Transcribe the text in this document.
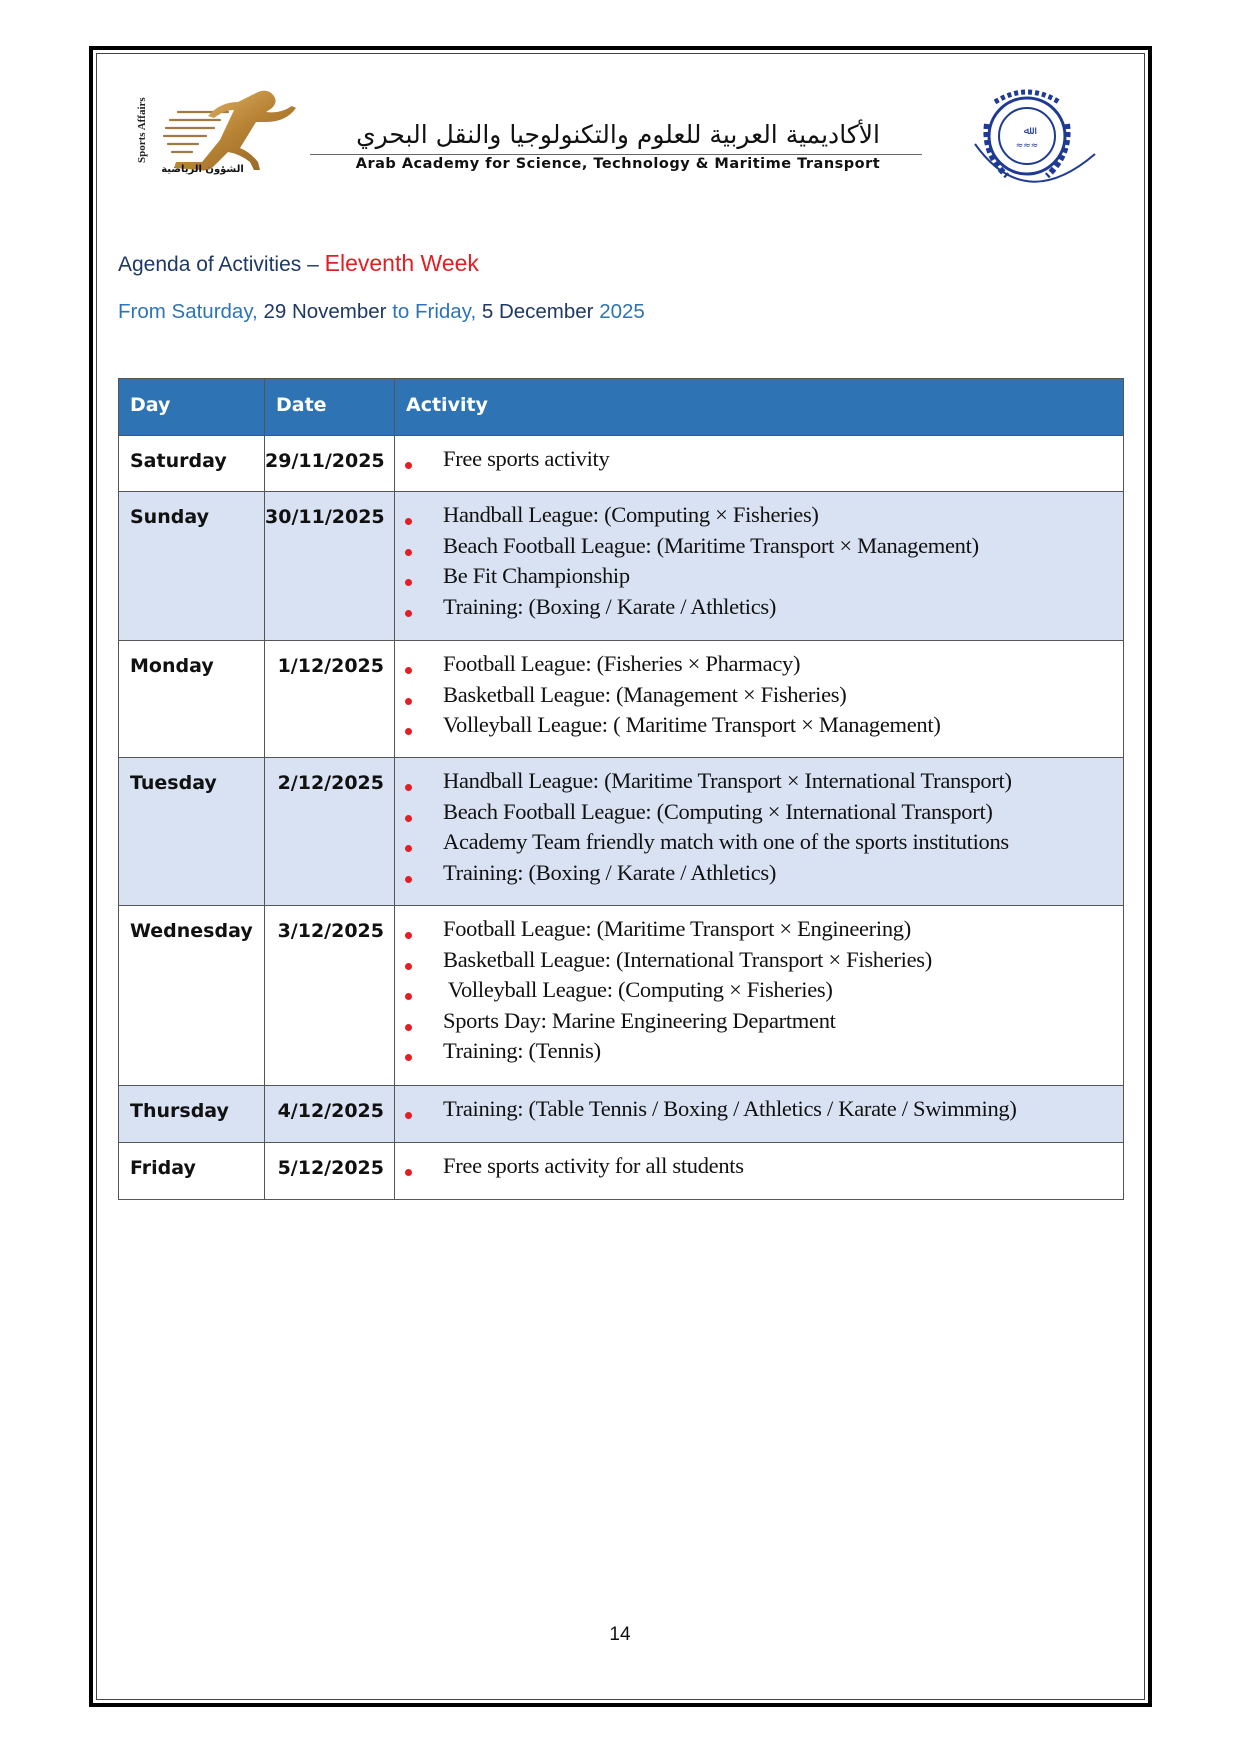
Sports Affairs
الشؤون الرياضية
الأكاديمية العربية للعلوم والتكنولوجيا والنقل البحري
Arab Academy for Science, Technology & Maritime Transport
ﷲ
≈≈≈
Agenda of Activities – Eleventh Week
From Saturday, 29 November to Friday, 5 December 2025
Day	Date	Activity
Saturday	29/11/2025	Free sports activity

Sunday	30/11/2025	Handball League: (Computing × Fisheries)
Beach Football League: (Maritime Transport × Management)
Be Fit Championship
Training: (Boxing / Karate / Athletics)

Monday	1/12/2025	Football League: (Fisheries × Pharmacy)
Basketball League: (Management × Fisheries)
Volleyball League: ( Maritime Transport × Management)

Tuesday	2/12/2025	Handball League: (Maritime Transport × International Transport)
Beach Football League: (Computing × International Transport)
Academy Team friendly match with one of the sports institutions
Training: (Boxing / Karate / Athletics)

Wednesday	3/12/2025	Football League: (Maritime Transport × Engineering)
Basketball League: (International Transport × Fisheries)
Volleyball League: (Computing × Fisheries)
Sports Day: Marine Engineering Department
Training: (Tennis)

Thursday	4/12/2025	Training: (Table Tennis / Boxing / Athletics / Karate / Swimming)

Friday	5/12/2025	Free sports activity for all students
14
